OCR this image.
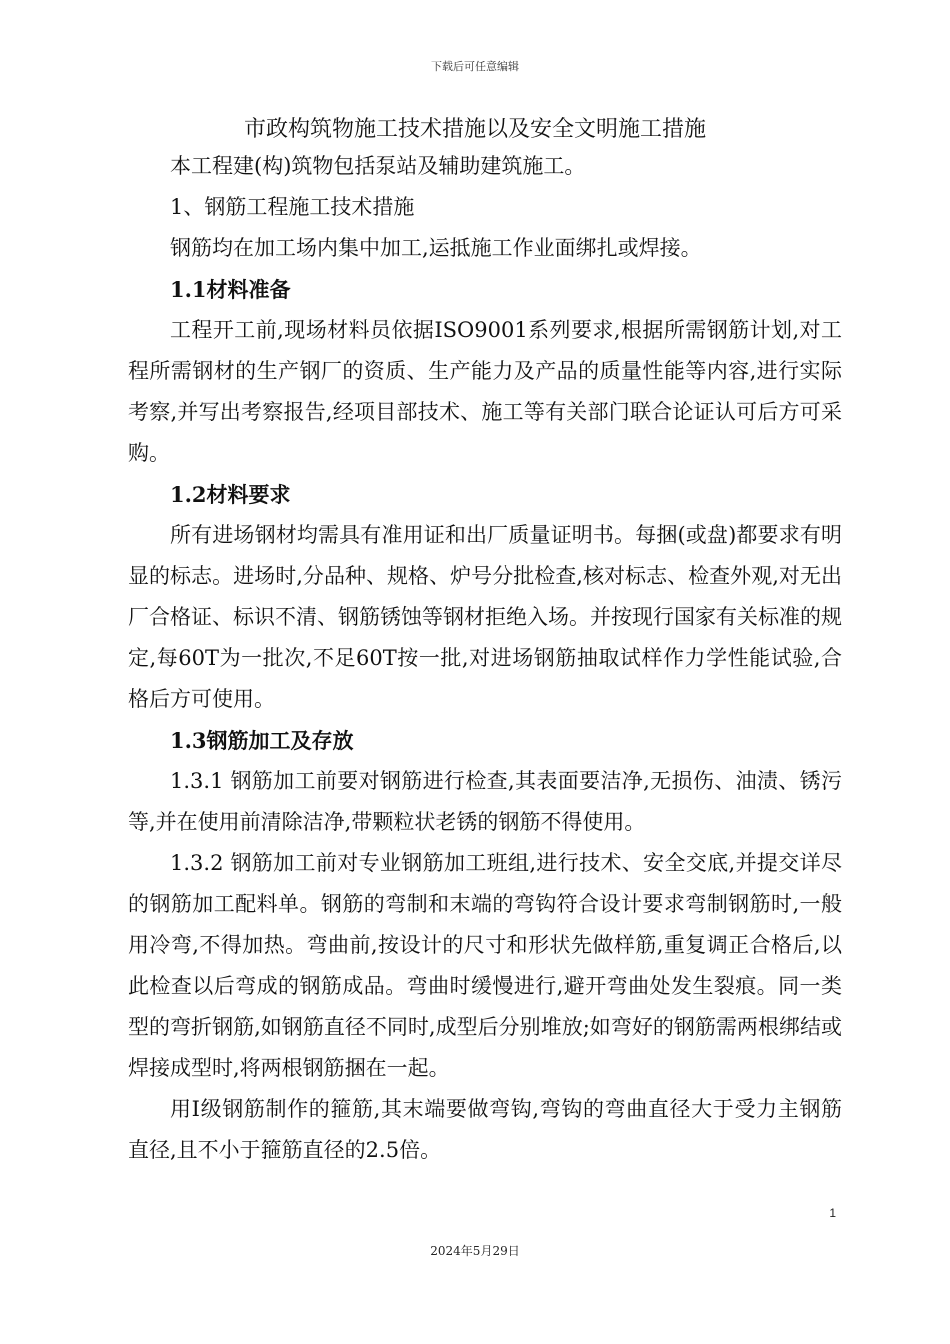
下载后可任意编辑
市政构筑物施工技术措施以及安全文明施工措施

本工程建(构)筑物包括泵站及辅助建筑施工。

1、钢筋工程施工技术措施

钢筋均在加工场内集中加工,运抵施工作业面绑扎或焊接。

1.1材料准备

工程开工前,现场材料员依据ISO9001系列要求,根据所需钢筋计划,对工程所需钢材的生产钢厂的资质、生产能力及产品的质量性能等内容,进行实际考察,并写出考察报告,经项目部技术、施工等有关部门联合论证认可后方可采购。

1.2材料要求

所有进场钢材均需具有准用证和出厂质量证明书。每捆(或盘)都要求有明显的标志。进场时,分品种、规格、炉号分批检查,核对标志、检查外观,对无出厂合格证、标识不清、钢筋锈蚀等钢材拒绝入场。并按现行国家有关标准的规定,每60T为一批次,不足60T按一批,对进场钢筋抽取试样作力学性能试验,合格后方可使用。

1.3钢筋加工及存放

1.3.1 钢筋加工前要对钢筋进行检查,其表面要洁净,无损伤、油渍、锈污等,并在使用前清除洁净,带颗粒状老锈的钢筋不得使用。

1.3.2 钢筋加工前对专业钢筋加工班组,进行技术、安全交底,并提交详尽的钢筋加工配料单。钢筋的弯制和末端的弯钩符合设计要求弯制钢筋时,一般用冷弯,不得加热。弯曲前,按设计的尺寸和形状先做样筋,重复调正合格后,以此检查以后弯成的钢筋成品。弯曲时缓慢进行,避开弯曲处发生裂痕。同一类型的弯折钢筋,如钢筋直径不同时,成型后分别堆放;如弯好的钢筋需两根绑结或焊接成型时,将两根钢筋捆在一起。

用Ⅰ级钢筋制作的箍筋,其末端要做弯钩,弯钩的弯曲直径大于受力主钢筋直径,且不小于箍筋直径的2.5倍。

1
2024年5月29日
